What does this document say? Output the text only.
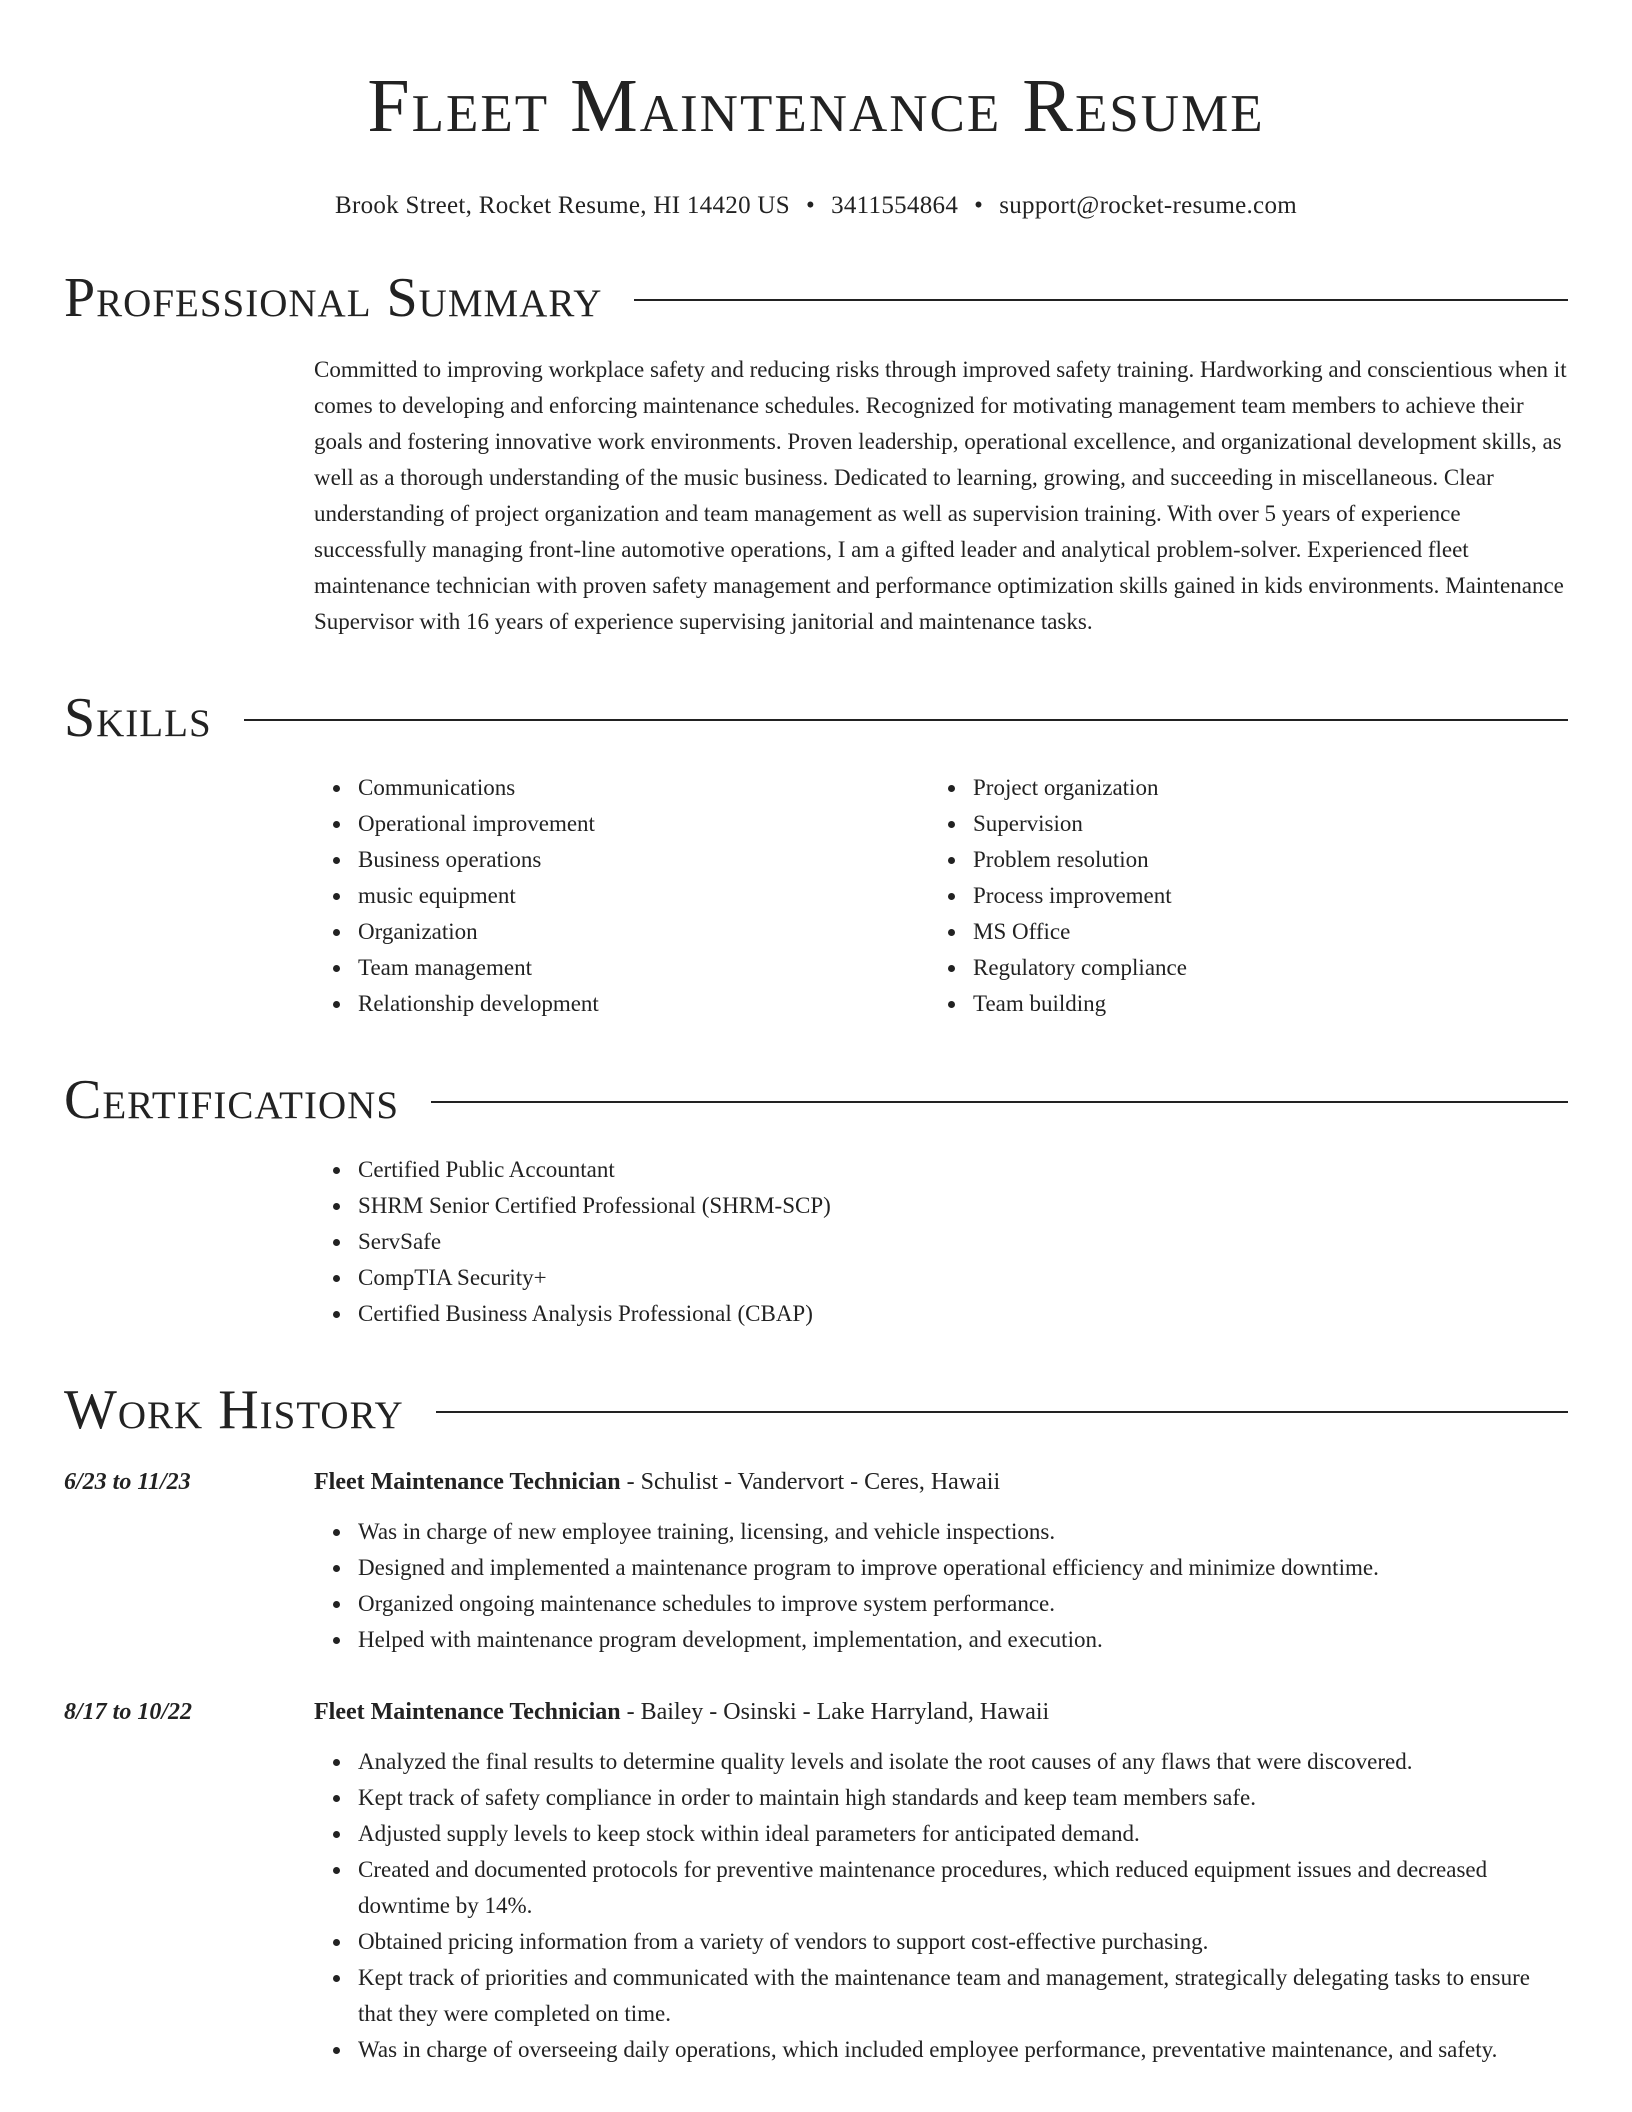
Fleet Maintenance Resume
Brook Street, Rocket Resume, HI 14420 US • 3411554864 • support@rocket-resume.com
Professional Summary
Committed to improving workplace safety and reducing risks through improved safety training. Hardworking and conscientious when it comes to developing and enforcing maintenance schedules. Recognized for motivating management team members to achieve their goals and fostering innovative work environments. Proven leadership, operational excellence, and organizational development skills, as well as a thorough understanding of the music business. Dedicated to learning, growing, and succeeding in miscellaneous. Clear understanding of project organization and team management as well as supervision training. With over 5 years of experience successfully managing front-line automotive operations, I am a gifted leader and analytical problem-solver. Experienced fleet maintenance technician with proven safety management and performance optimization skills gained in kids environments. Maintenance Supervisor with 16 years of experience supervising janitorial and maintenance tasks.
Skills
Communications
Operational improvement
Business operations
music equipment
Organization
Team management
Relationship development
Project organization
Supervision
Problem resolution
Process improvement
MS Office
Regulatory compliance
Team building
Certifications
Certified Public Accountant
SHRM Senior Certified Professional (SHRM-SCP)
ServSafe
CompTIA Security+
Certified Business Analysis Professional (CBAP)
Work History
6/23 to 11/23	Fleet Maintenance Technician - Schulist - Vandervort - Ceres, Hawaii
Was in charge of new employee training, licensing, and vehicle inspections.
Designed and implemented a maintenance program to improve operational efficiency and minimize downtime.
Organized ongoing maintenance schedules to improve system performance.
Helped with maintenance program development, implementation, and execution.
8/17 to 10/22	Fleet Maintenance Technician - Bailey - Osinski - Lake Harryland, Hawaii
Analyzed the final results to determine quality levels and isolate the root causes of any flaws that were discovered.
Kept track of safety compliance in order to maintain high standards and keep team members safe.
Adjusted supply levels to keep stock within ideal parameters for anticipated demand.
Created and documented protocols for preventive maintenance procedures, which reduced equipment issues and decreased downtime by 14%.
Obtained pricing information from a variety of vendors to support cost-effective purchasing.
Kept track of priorities and communicated with the maintenance team and management, strategically delegating tasks to ensure that they were completed on time.
Was in charge of overseeing daily operations, which included employee performance, preventative maintenance, and safety.
